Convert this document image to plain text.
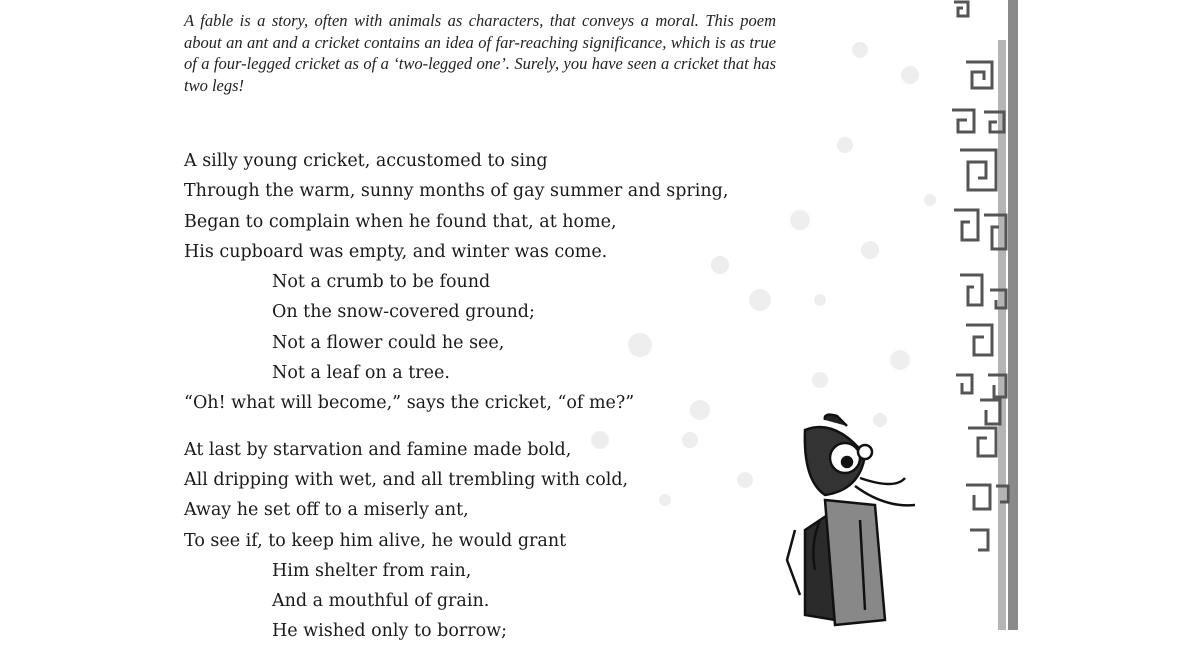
A fable is a story, often with animals as characters, that conveys a moral. This poem about an ant and a cricket contains an idea of far-reaching significance, which is as true of a four-legged cricket as of a ‘two-legged one’. Surely, you have seen a cricket that has two legs!

A silly young cricket, accustomed to sing
Through the warm, sunny months of gay summer and spring,
Began to complain when he found that, at home,
His cupboard was empty, and winter was come.
Not a crumb to be found
On the snow-covered ground;
Not a flower could he see,
Not a leaf on a tree.
“Oh! what will become,” says the cricket, “of me?”
At last by starvation and famine made bold,
All dripping with wet, and all trembling with cold,
Away he set off to a miserly ant,
To see if, to keep him alive, he would grant
Him shelter from rain,
And a mouthful of grain.
He wished only to borrow;
